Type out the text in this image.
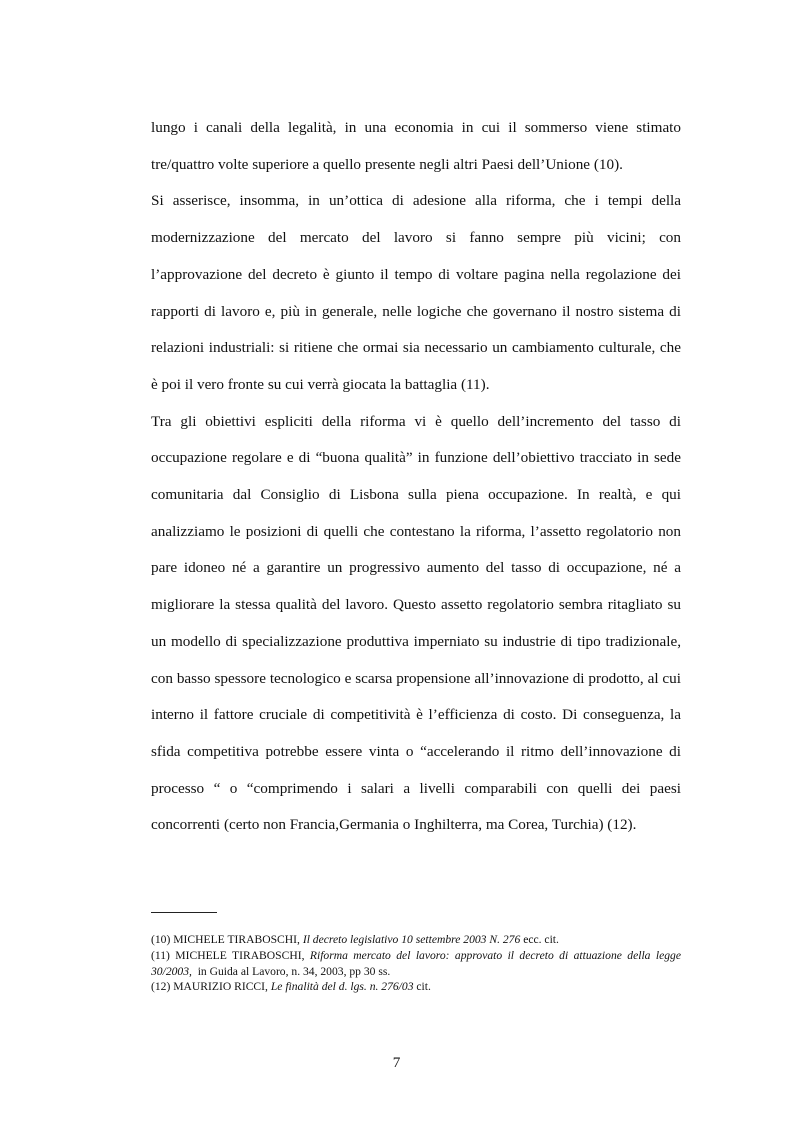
lungo i canali della legalità, in una economia in cui il sommerso viene stimato tre/quattro volte superiore a quello presente negli altri Paesi dell’Unione (10).

Si asserisce, insomma, in un’ottica di adesione alla riforma, che i tempi della modernizzazione del mercato del lavoro si fanno sempre più vicini; con l’approvazione del decreto è giunto il tempo di voltare pagina nella regolazione dei rapporti di lavoro e, più in generale, nelle logiche che governano il nostro sistema di relazioni industriali: si ritiene che ormai sia necessario un cambiamento culturale, che è poi il vero fronte su cui verrà giocata la battaglia (11).

Tra gli obiettivi espliciti della riforma vi è quello dell’incremento del tasso di occupazione regolare e di “buona qualità” in funzione dell’obiettivo tracciato in sede comunitaria dal Consiglio di Lisbona sulla piena occupazione. In realtà, e qui analizziamo le posizioni di quelli che contestano la riforma, l’assetto regolatorio non pare idoneo né a garantire un progressivo aumento del tasso di occupazione, né a migliorare la stessa qualità del lavoro. Questo assetto regolatorio sembra ritagliato su un modello di specializzazione produttiva imperniato su industrie di tipo tradizionale, con basso spessore tecnologico e scarsa propensione all’innovazione di prodotto, al cui interno il fattore cruciale di competitività è l’efficienza di costo. Di conseguenza, la sfida competitiva potrebbe essere vinta o “accelerando il ritmo dell’innovazione di processo “ o “comprimendo i salari a livelli comparabili con quelli dei paesi concorrenti (certo non Francia,Germania o Inghilterra, ma Corea, Turchia) (12).

(10) MICHELE TIRABOSCHI, Il decreto legislativo 10 settembre 2003 N. 276 ecc. cit.

(11) MICHELE TIRABOSCHI, Riforma mercato del lavoro: approvato il decreto di attuazione della legge 30/2003, in Guida al Lavoro, n. 34, 2003, pp 30 ss.

(12) MAURIZIO RICCI, Le finalità del d. lgs. n. 276/03 cit.

7
